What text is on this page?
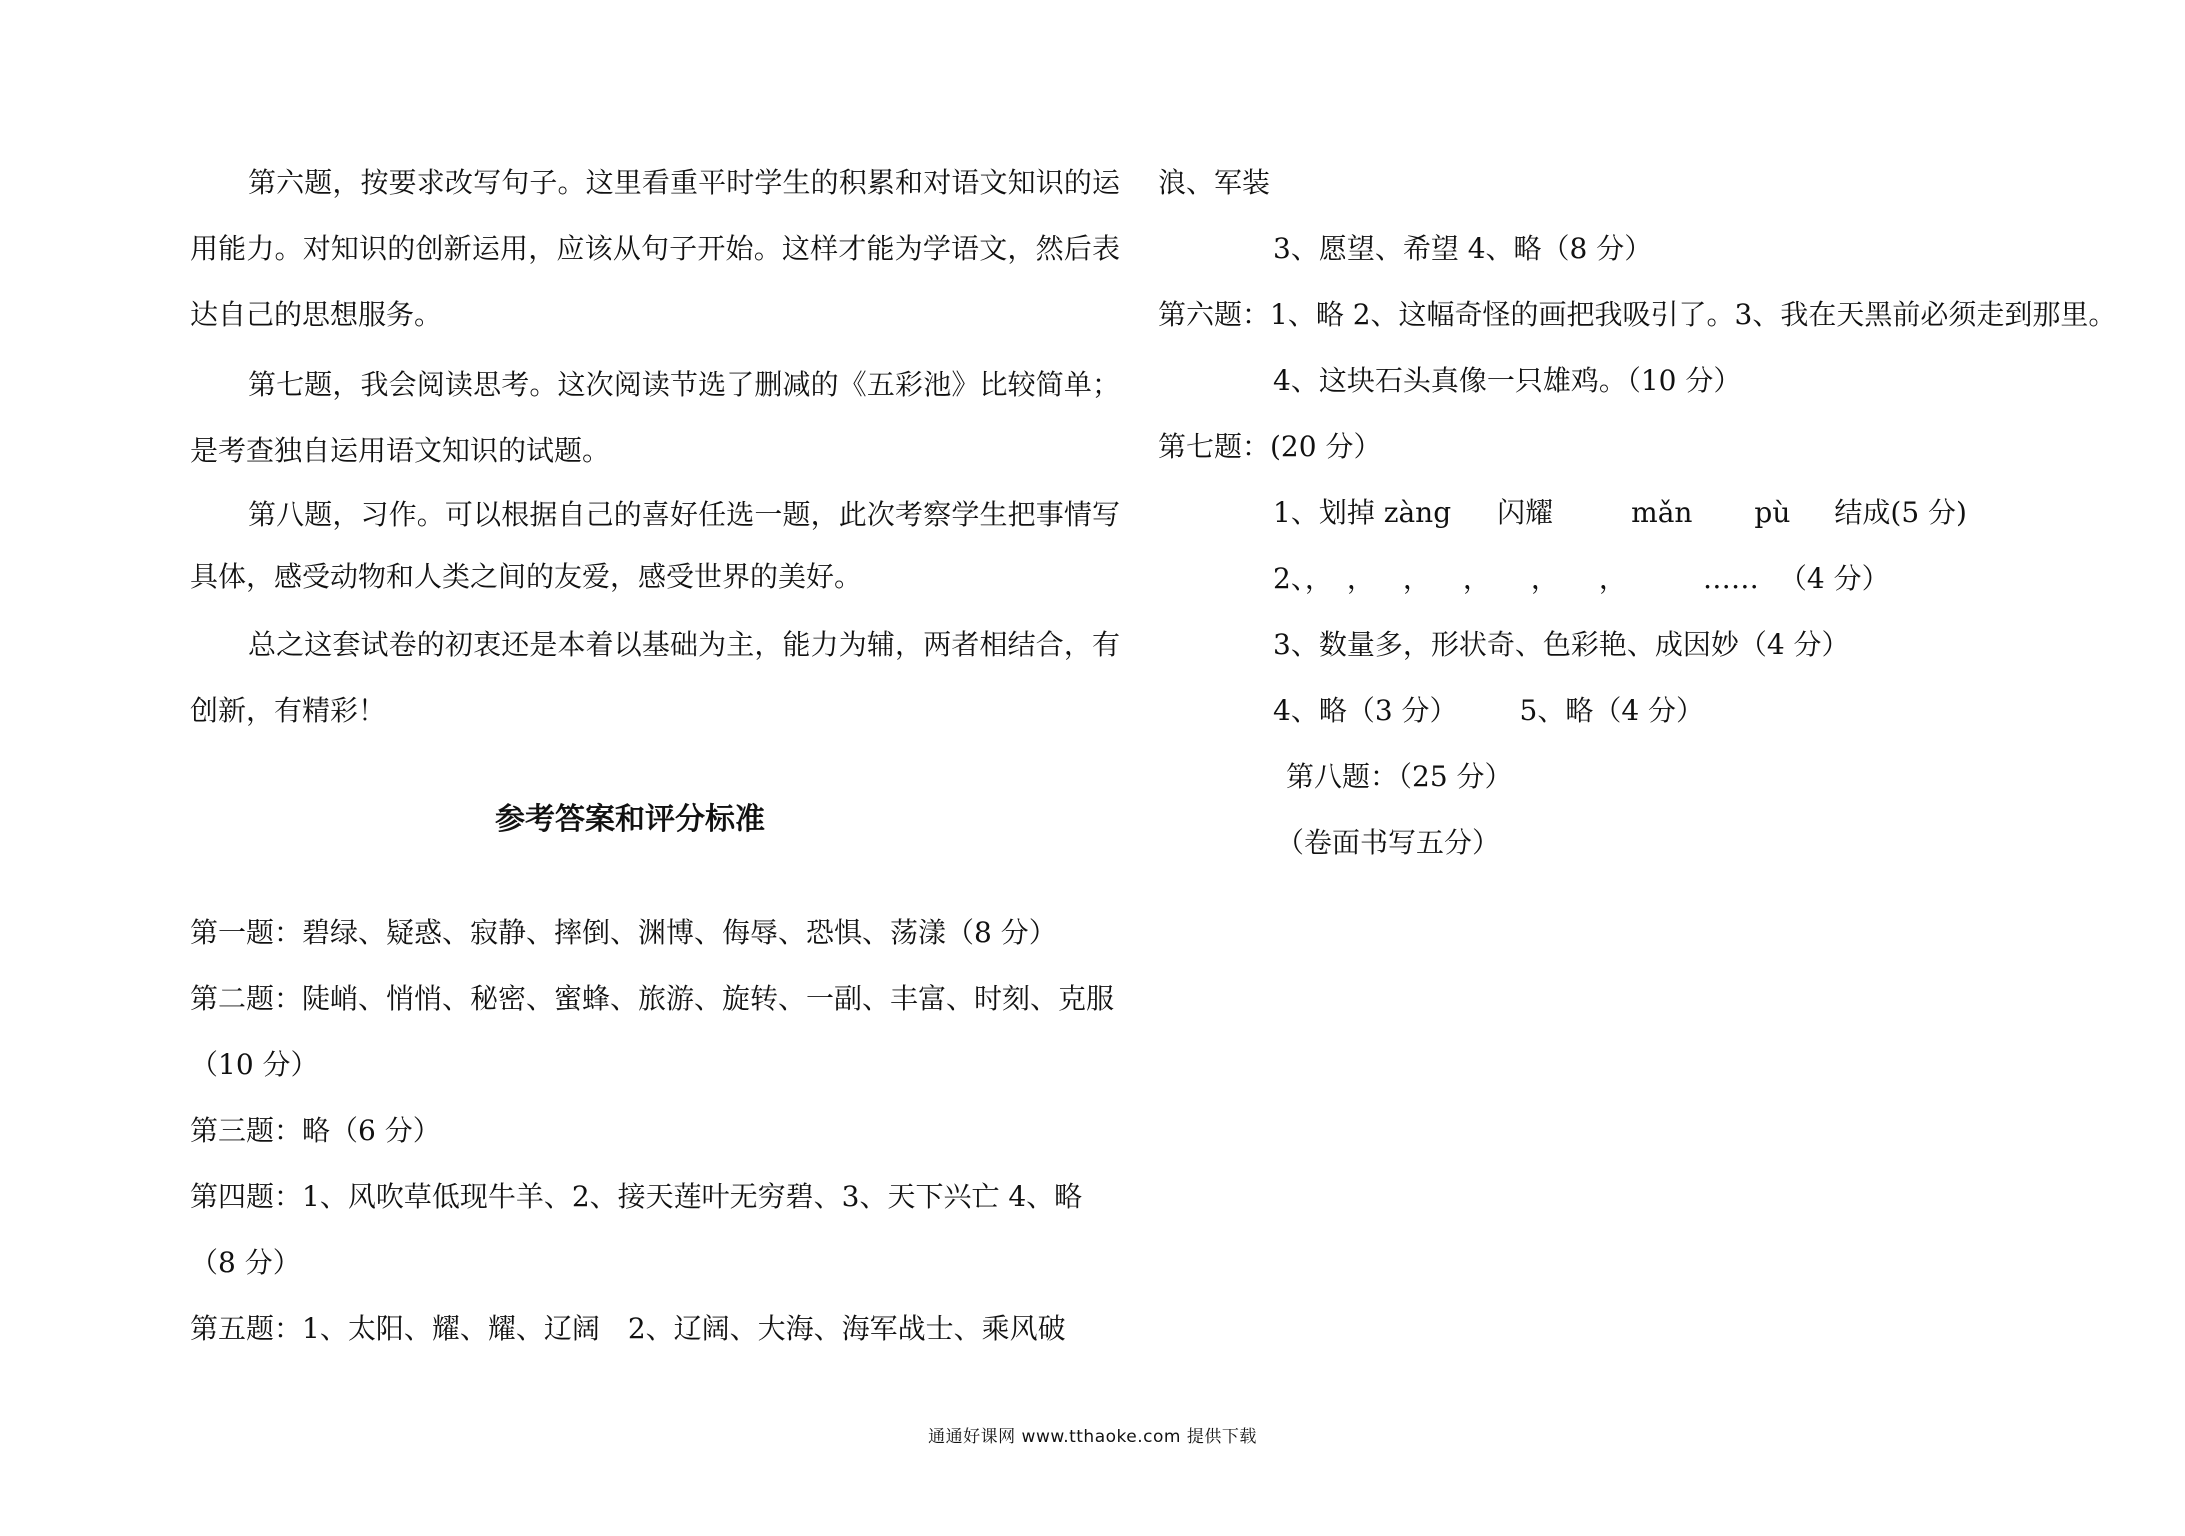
第六题，按要求改写句子。这里看重平时学生的积累和对语文知识的运用能力。对知识的创新运用，应该从句子开始。这样才能为学语文，然后表达自己的思想服务。

第七题，我会阅读思考。这次阅读节选了删减的《五彩池》比较简单；是考查独自运用语文知识的试题。

第八题，习作。可以根据自己的喜好任选一题，此次考察学生把事情写具体，感受动物和人类之间的友爱，感受世界的美好。

总之这套试卷的初衷还是本着以基础为主，能力为辅，两者相结合，有创新，有精彩！

参考答案和评分标准

第一题：碧绿、疑惑、寂静、摔倒、渊博、侮辱、恐惧、荡漾（8 分）

第二题：陡峭、悄悄、秘密、蜜蜂、旅游、旋转、一副、丰富、时刻、克服（10 分）

第三题：略（6 分）

第四题：1、风吹草低现牛羊、2、接天莲叶无穷碧、3、天下兴亡 4、略（8 分）

第五题：1、太阳、耀、耀、辽阔　2、辽阔、大海、海军战士、乘风破

浪、军装

3、愿望、希望 4、略（8 分）

第六题：1、略 2、这幅奇怪的画把我吸引了。3、我在天黑前必须走到那里。

4、这块石头真像一只雄鸡。（10 分）

第七题：(20 分）

1、划掉 zàng 闪耀	mǎn pù 结成(5 分)

2、， ， ， ， ， ，	…… （4 分）

3、数量多，形状奇、色彩艳、成因妙（4 分）

4、略（3 分） 5、略（4 分）

第八题：（25 分）

（卷面书写五分）

通通好课网 www.tthaoke.com 提供下载
